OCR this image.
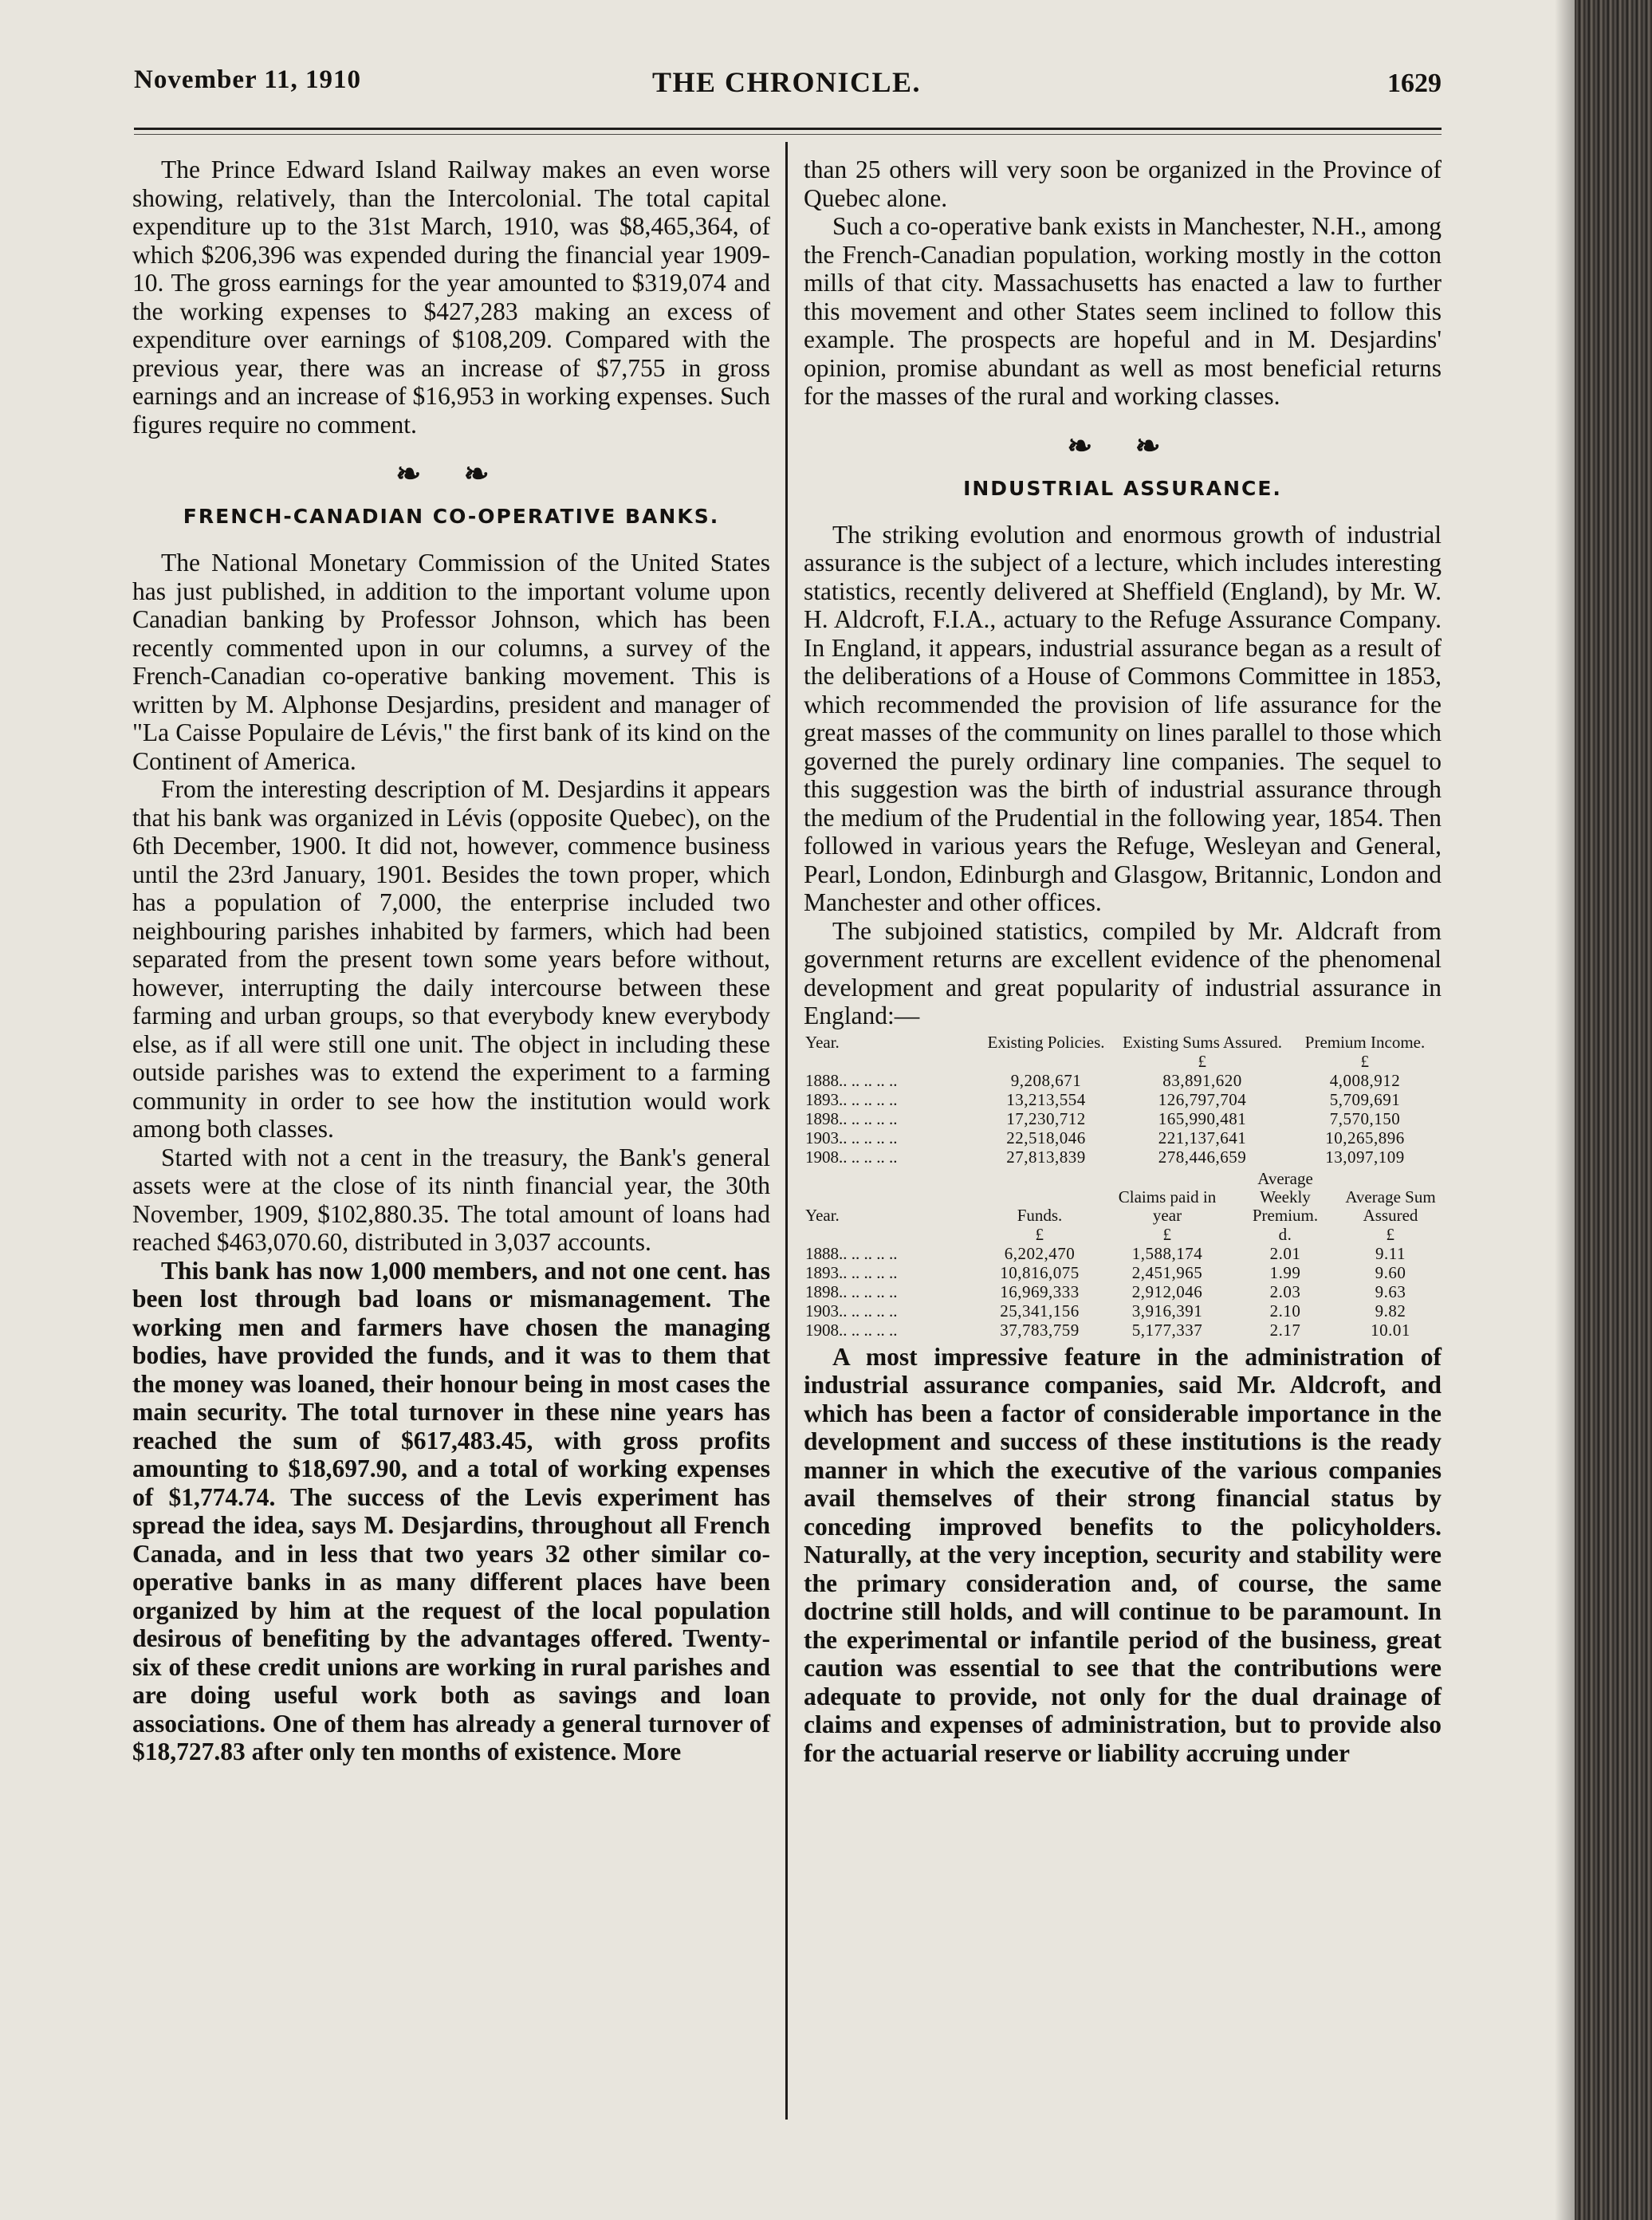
November 11, 1910	THE CHRONICLE.	1629

The Prince Edward Island Railway makes an even worse showing, relatively, than the Intercolonial. The total capital expenditure up to the 31st March, 1910, was $8,465,364, of which $206,396 was expended during the financial year 1909-10. The gross earnings for the year amounted to $319,074 and the working expenses to $427,283 making an excess of expenditure over earnings of $108,209. Compared with the previous year, there was an increase of $7,755 in gross earnings and an increase of $16,953 in working expenses. Such figures require no comment.

❧ ❧
FRENCH-CANADIAN CO-OPERATIVE BANKS.

The National Monetary Commission of the United States has just published, in addition to the important volume upon Canadian banking by Professor Johnson, which has been recently commented upon in our columns, a survey of the French-Canadian co-operative banking movement. This is written by M. Alphonse Desjardins, president and manager of "La Caisse Populaire de Lévis," the first bank of its kind on the Continent of America.

From the interesting description of M. Desjardins it appears that his bank was organized in Lévis (opposite Quebec), on the 6th December, 1900. It did not, however, commence business until the 23rd January, 1901. Besides the town proper, which has a population of 7,000, the enterprise included two neighbouring parishes inhabited by farmers, which had been separated from the present town some years before without, however, interrupting the daily intercourse between these farming and urban groups, so that everybody knew everybody else, as if all were still one unit. The object in including these outside parishes was to extend the experiment to a farming community in order to see how the institution would work among both classes.

Started with not a cent in the treasury, the Bank's general assets were at the close of its ninth financial year, the 30th November, 1909, $102,880.35. The total amount of loans had reached $463,070.60, distributed in 3,037 accounts.

This bank has now 1,000 members, and not one cent. has been lost through bad loans or mismanagement. The working men and farmers have chosen the managing bodies, have provided the funds, and it was to them that the money was loaned, their honour being in most cases the main security. The total turnover in these nine years has reached the sum of $617,483.45, with gross profits amounting to $18,697.90, and a total of working expenses of $1,774.74. The success of the Levis experiment has spread the idea, says M. Desjardins, throughout all French Canada, and in less that two years 32 other similar co-operative banks in as many different places have been organized by him at the request of the local population desirous of benefiting by the advantages offered. Twenty-six of these credit unions are working in rural parishes and are doing useful work both as savings and loan associations. One of them has already a general turnover of $18,727.83 after only ten months of existence. More

than 25 others will very soon be organized in the Province of Quebec alone.

Such a co-operative bank exists in Manchester, N.H., among the French-Canadian population, working mostly in the cotton mills of that city. Massachusetts has enacted a law to further this movement and other States seem inclined to follow this example. The prospects are hopeful and in M. Desjardins' opinion, promise abundant as well as most beneficial returns for the masses of the rural and working classes.

❧ ❧
INDUSTRIAL ASSURANCE.

The striking evolution and enormous growth of industrial assurance is the subject of a lecture, which includes interesting statistics, recently delivered at Sheffield (England), by Mr. W. H. Aldcroft, F.I.A., actuary to the Refuge Assurance Company. In England, it appears, industrial assurance began as a result of the deliberations of a House of Commons Committee in 1853, which recommended the provision of life assurance for the great masses of the community on lines parallel to those which governed the purely ordinary line companies. The sequel to this suggestion was the birth of industrial assurance through the medium of the Prudential in the following year, 1854. Then followed in various years the Refuge, Wesleyan and General, Pearl, London, Edinburgh and Glasgow, Britannic, London and Manchester and other offices.

The subjoined statistics, compiled by Mr. Aldcraft from government returns are excellent evidence of the phenomenal development and great popularity of industrial assurance in England:—

Year.	Existing Policies.	Existing Sums Assured.	Premium Income.
		£	£
1888.. .. .. .. ..	9,208,671	83,891,620	4,008,912
1893.. .. .. .. ..	13,213,554	126,797,704	5,709,691
1898.. .. .. .. ..	17,230,712	165,990,481	7,570,150
1903.. .. .. .. ..	22,518,046	221,137,641	10,265,896
1908.. .. .. .. ..	27,813,839	278,446,659	13,097,109
Year.	Funds.	Claims paid in year	Average Weekly Premium.	Average Sum Assured
	£	£	d.	£
1888.. .. .. .. ..	6,202,470	1,588,174	2.01	9.11
1893.. .. .. .. ..	10,816,075	2,451,965	1.99	9.60
1898.. .. .. .. ..	16,969,333	2,912,046	2.03	9.63
1903.. .. .. .. ..	25,341,156	3,916,391	2.10	9.82
1908.. .. .. .. ..	37,783,759	5,177,337	2.17	10.01

A most impressive feature in the administration of industrial assurance companies, said Mr. Aldcroft, and which has been a factor of considerable importance in the development and success of these institutions is the ready manner in which the executive of the various companies avail themselves of their strong financial status by conceding improved benefits to the policyholders. Naturally, at the very inception, security and stability were the primary consideration and, of course, the same doctrine still holds, and will continue to be paramount. In the experimental or infantile period of the business, great caution was essential to see that the contributions were adequate to provide, not only for the dual drainage of claims and expenses of administration, but to provide also for the actuarial reserve or liability accruing under
